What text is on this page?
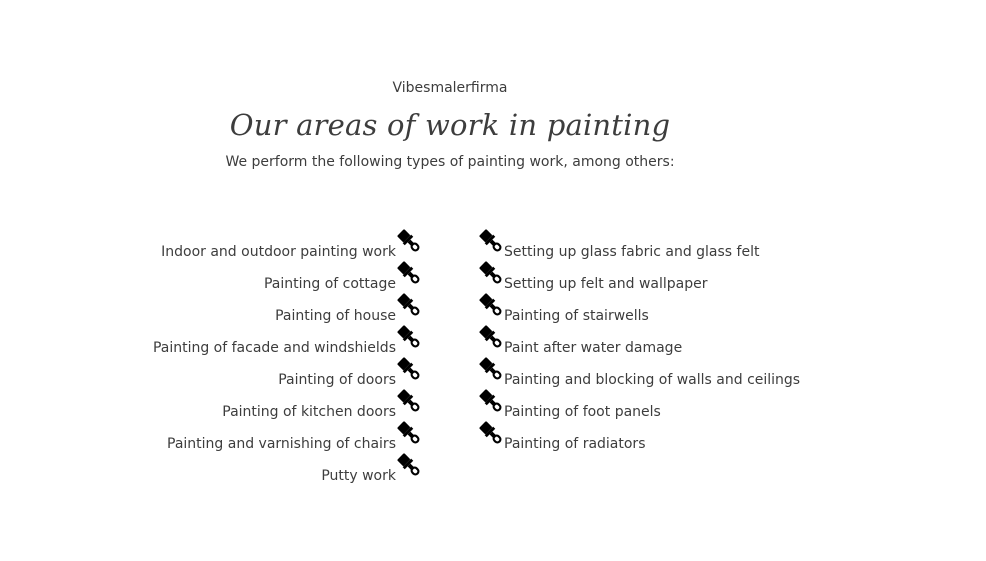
Vibesmalerfirma
Our areas of work in painting
We perform the following types of painting work, among others:
Indoor and outdoor painting work
Painting of cottage
Painting of house
Painting of facade and windshields
Painting of doors
Painting of kitchen doors
Painting and varnishing of chairs
Putty work
Setting up glass fabric and glass felt
Setting up felt and wallpaper
Painting of stairwells
Paint after water damage
Painting and blocking of walls and ceilings
Painting of foot panels
Painting of radiators
